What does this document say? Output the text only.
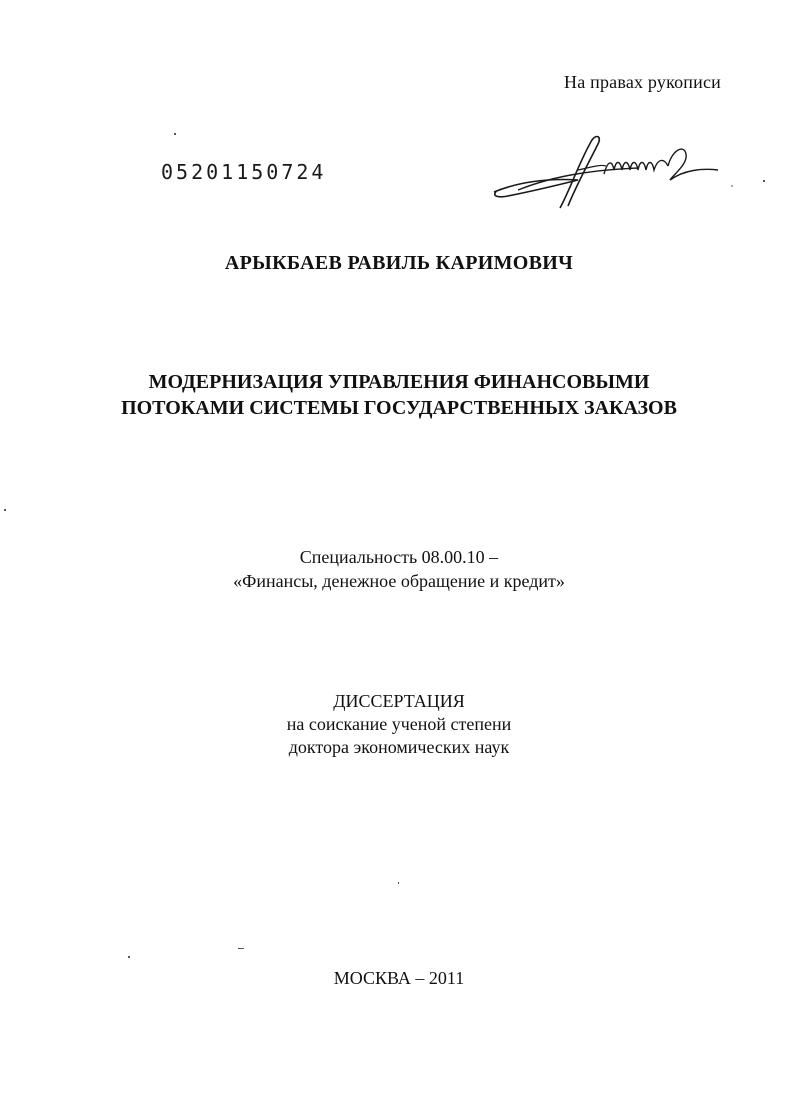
На правах рукописи
05201150724
АРЫКБАЕВ РАВИЛЬ КАРИМОВИЧ
МОДЕРНИЗАЦИЯ УПРАВЛЕНИЯ ФИНАНСОВЫМИ
ПОТОКАМИ СИСТЕМЫ ГОСУДАРСТВЕННЫХ ЗАКАЗОВ
Специальность 08.00.10 –
«Финансы, денежное обращение и кредит»
ДИССЕРТАЦИЯ
на соискание ученой степени
доктора экономических наук
МОСКВА – 2011
